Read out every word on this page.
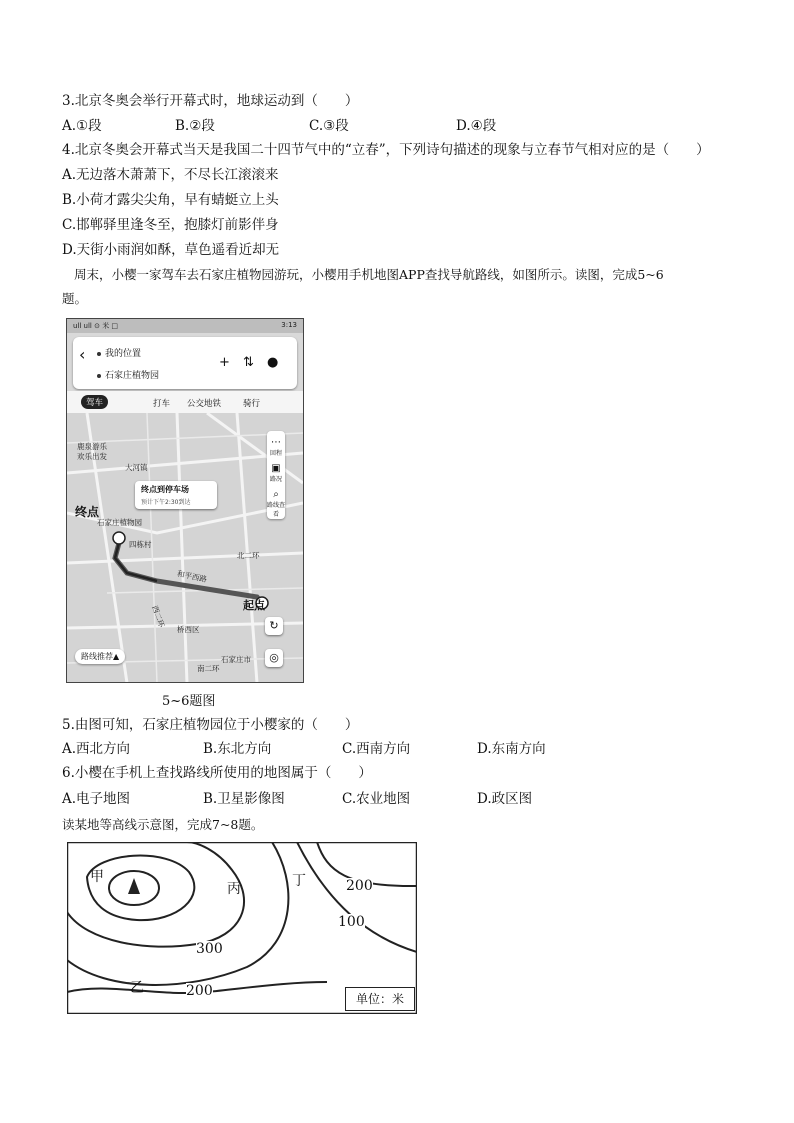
3.北京冬奥会举行开幕式时，地球运动到（　　）
A.①段	B.②段	C.③段	D.④段
4.北京冬奥会开幕式当天是我国二十四节气中的“立春”，下列诗句描述的现象与立春节气相对应的是（　　）
A.无边落木萧萧下，不尽长江滚滚来
B.小荷才露尖尖角，早有蜻蜓立上头
C.邯郸驿里逢冬至，抱膝灯前影伴身
D.天街小雨润如酥，草色遥看近却无
周末，小樱一家驾车去石家庄植物园游玩，小樱用手机地图APP查找导航路线，如图所示。读图，完成5~6
题。
ull ull ⊙ 米 □	3:13
‹	我的位置
石家庄植物园
+ ⇅ ●
驾车	打车 公交地铁	骑行
大河镇
石家庄植物园
和平西路
北二环
桥西区
石家庄市
南二环
四栋村
西二环
鹿泉游乐
欢乐出发
终点到停车场
预计下午2:30到达
终点
起点
⋯
回程
▣
路况
⌕
路线查看
↻
◎
路线推荐▲
5~6题图
5.由图可知，石家庄植物园位于小樱家的（　　）
A.西北方向	B.东北方向	C.西南方向	D.东南方向
6.小樱在手机上查找路线所使用的地图属于（　　）
A.电子地图	B.卫星影像图	C.农业地图	D.政区图
读某地等高线示意图，完成7~8题。
甲
丙	丁
乙
200
100
300
200	单位：米
